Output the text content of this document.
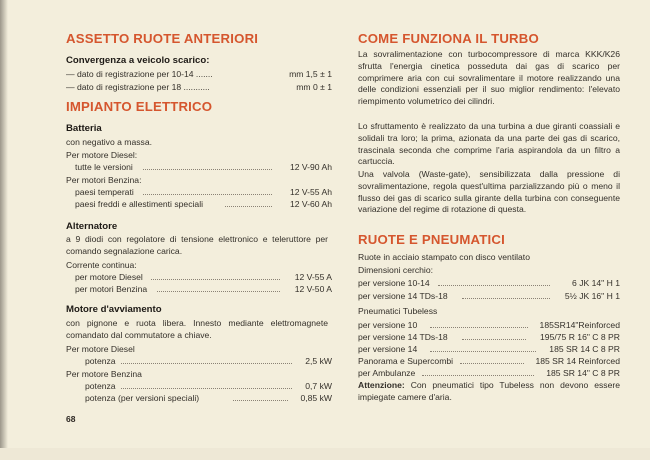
ASSETTO RUOTE ANTERIORI
Convergenza a veicolo scarico:
— dato di registrazione per 10-14 .......	mm 1,5 ± 1
— dato di registrazione per 18 ...........	mm 0 ± 1
IMPIANTO ELETTRICO
Batteria
con negativo a massa.
Per motore Diesel:
tutte le versioni	12 V-90 Ah
Per motori Benzina:
paesi temperati	12 V-55 Ah
paesi freddi e allestimenti speciali	12 V-60 Ah
Alternatore
a 9 diodi con regolatore di tensione elettronico e teleruttore per comando segnalazione carica.
Corrente continua:
per motore Diesel	12 V-55 A
per motori Benzina	12 V-50 A
Motore d'avviamento
con pignone e ruota libera. Innesto mediante elettromagnete comandato dal commutatore a chiave.
Per motore Diesel
potenza	2,5 kW
Per motore Benzina
potenza	0,7 kW
potenza (per versioni speciali)	0,85 kW
COME FUNZIONA IL TURBO
La sovralimentazione con turbocompressore di marca KKK/K26 sfrutta l'energia cinetica posseduta dai gas di scarico per comprimere aria con cui sovralimentare il motore realizzando una delle condizioni essenziali per il suo miglior rendimento: l'elevato riempimento volumetrico dei cilindri.
Lo sfruttamento è realizzato da una turbina a due giranti coassiali e solidali tra loro; la prima, azionata da una parte dei gas di scarico, trascinala seconda che comprime l'aria aspirandola da un filtro a cartuccia.
Una valvola (Waste-gate), sensibilizzata dalla pressione di sovralimentazione, regola quest'ultima parzializzando più o meno il flusso dei gas di scarico sulla girante della turbina con conseguente variazione del regime di rotazione di questa.
RUOTE E PNEUMATICI
Ruote in acciaio stampato con disco ventilato
Dimensioni cerchio:
per versione 10-14	6 JK 14" H 1
per versione 14 TDs-18	5½ JK 16" H 1
Pneumatici Tubeless
per versione 10	185SR14"Reinforced
per versione 14 TDs-18	195/75 R 16" C 8 PR
per versione 14	185 SR 14 C 8 PR
Panorama e Supercombi	185 SR 14 Reinforced
per Ambulanze	185 SR 14" C 8 PR
Attenzione: Con pneumatici tipo Tubeless non devono essere impiegate camere d'aria.
68
